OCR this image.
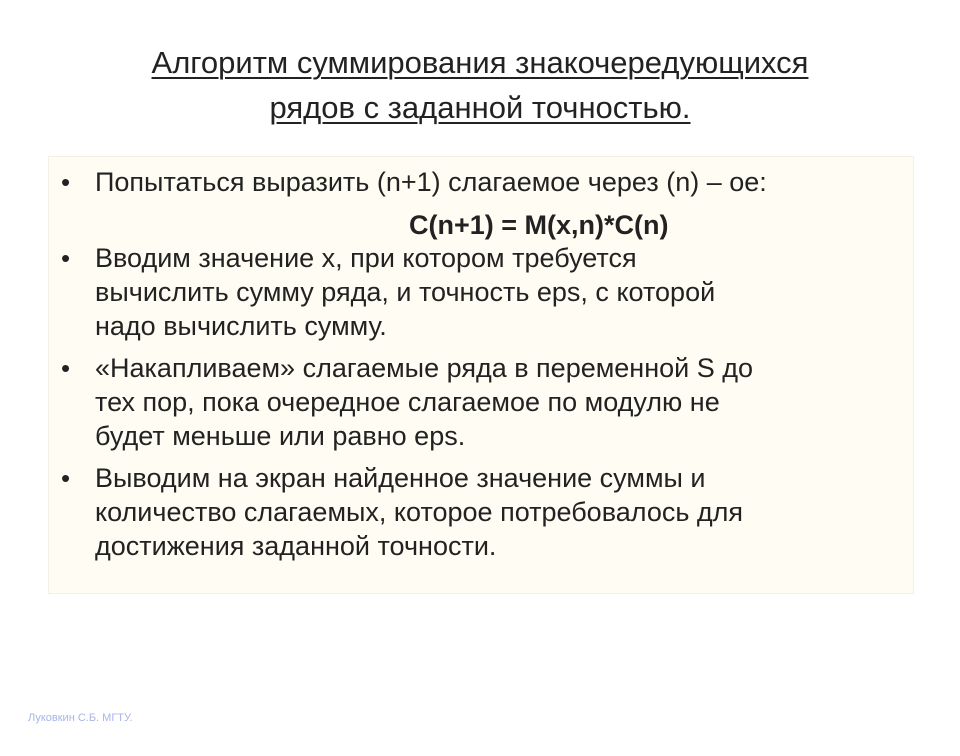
Алгоритм суммирования знакочередующихся
рядов с заданной точностью.
• Попытаться выразить (n+1) слагаемое через (n) – ое:
C(n+1) = M(x,n)*C(n)
• Вводим значение x, при котором требуется
вычислить сумму ряда, и точность eps, с которой
надо вычислить сумму.
• «Накапливаем» слагаемые ряда в переменной S до
тех пор, пока очередное слагаемое по модулю не
будет меньше или равно eps.
• Выводим на экран найденное значение суммы и
количество слагаемых, которое потребовалось для
достижения заданной точности.
Луковкин С.Б. МГТУ.
